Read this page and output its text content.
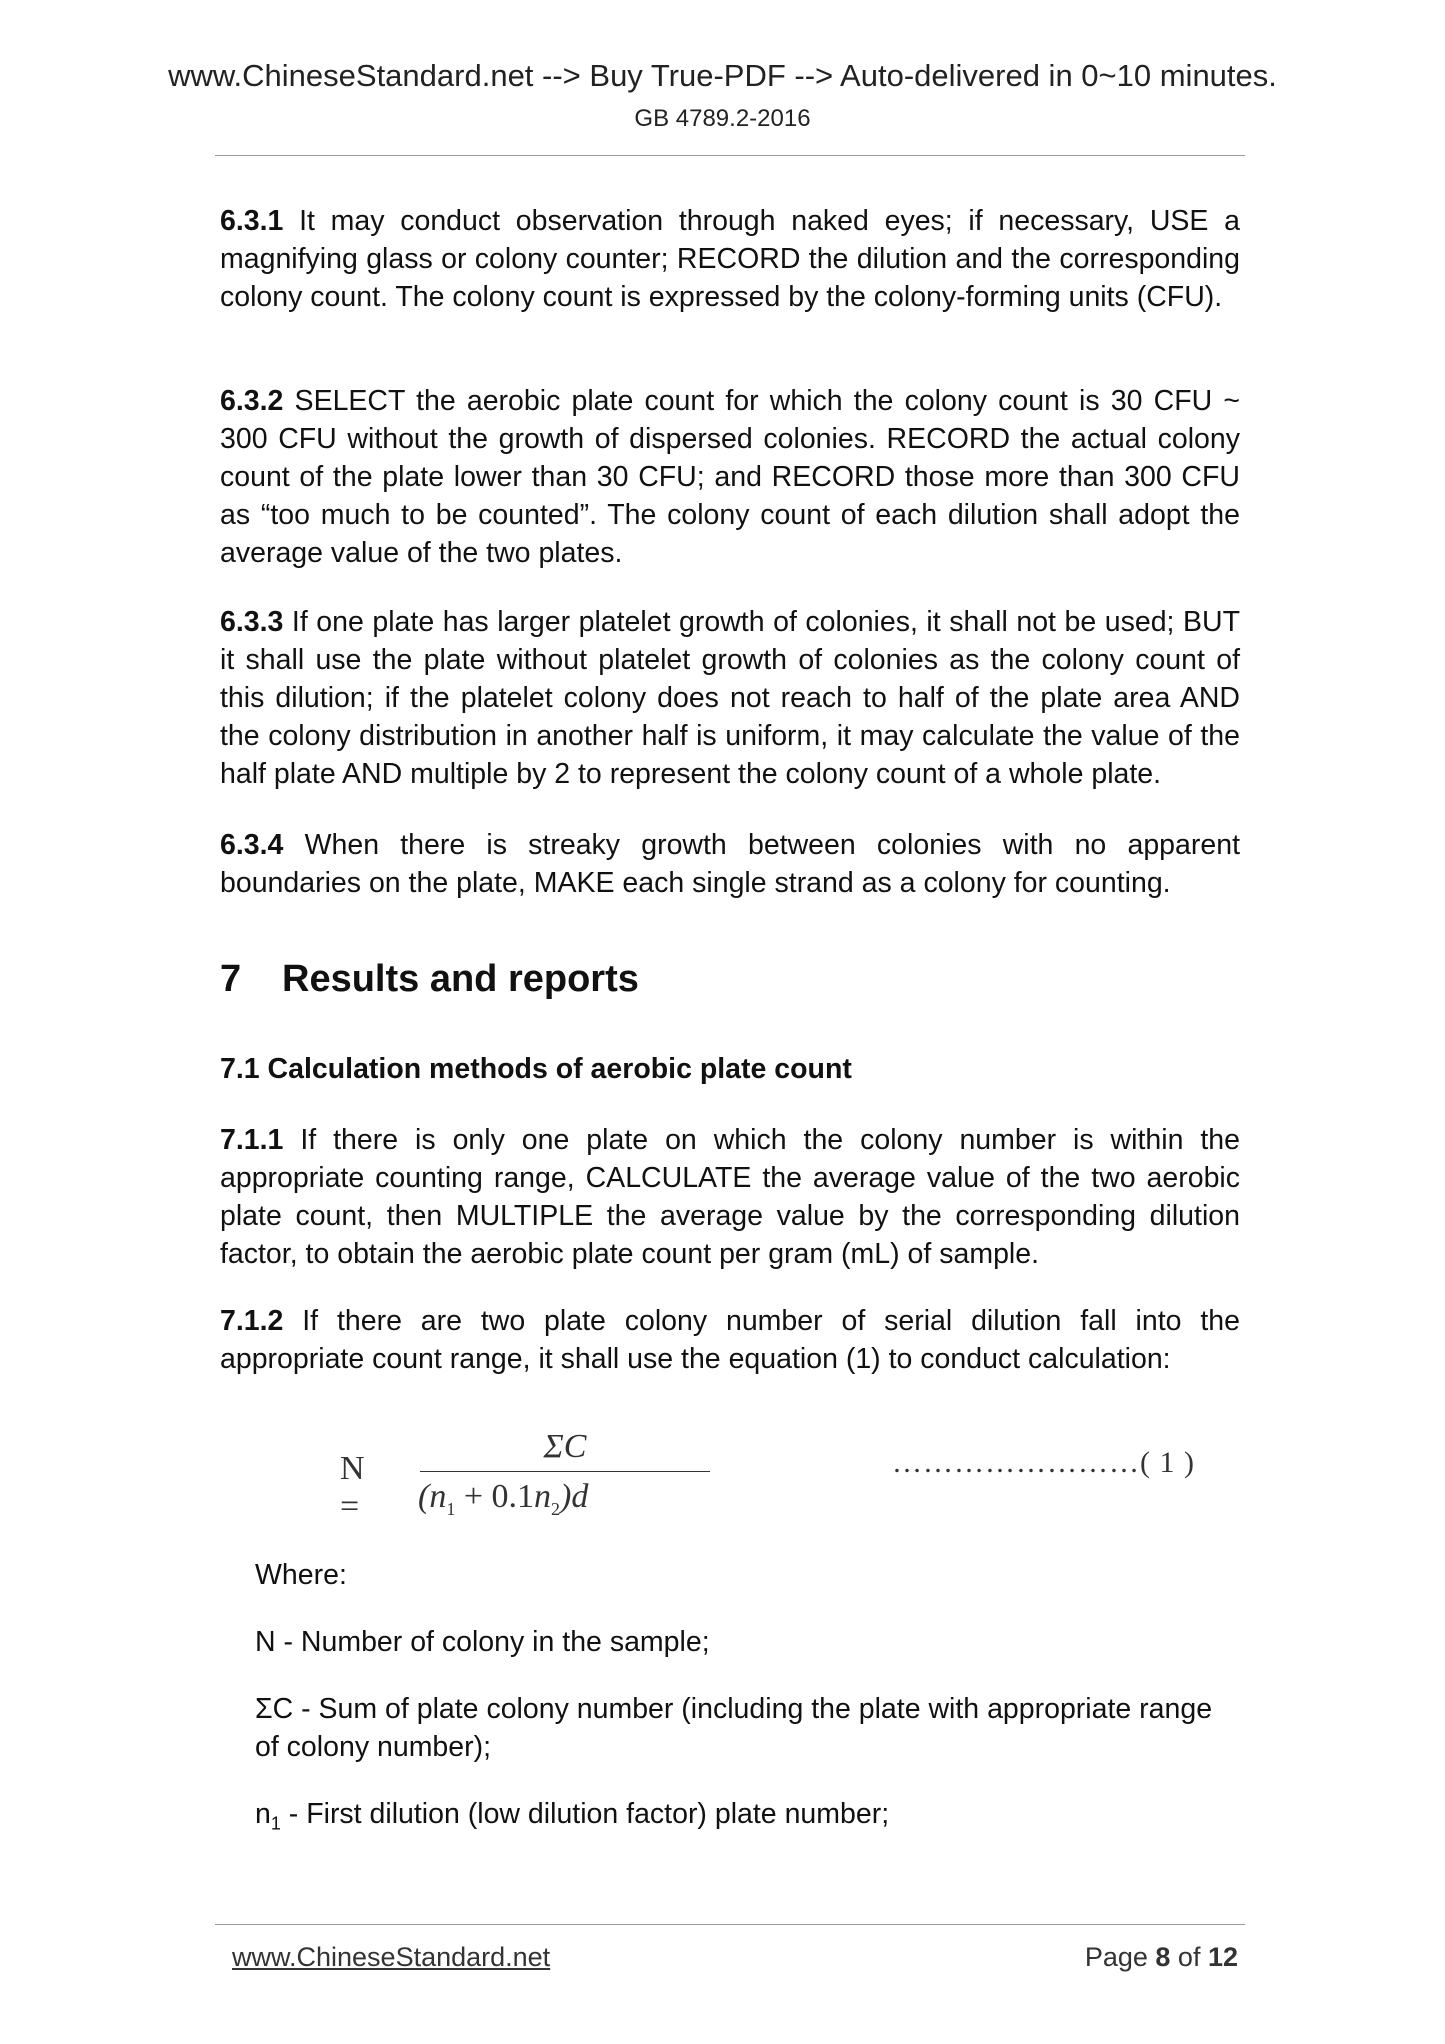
www.ChineseStandard.net --> Buy True-PDF --> Auto-delivered in 0~10 minutes.
GB 4789.2-2016
6.3.1 It may conduct observation through naked eyes; if necessary, USE a magnifying glass or colony counter; RECORD the dilution and the corresponding colony count. The colony count is expressed by the colony-forming units (CFU).
6.3.2 SELECT the aerobic plate count for which the colony count is 30 CFU ~ 300 CFU without the growth of dispersed colonies. RECORD the actual colony count of the plate lower than 30 CFU; and RECORD those more than 300 CFU as “too much to be counted”. The colony count of each dilution shall adopt the average value of the two plates.
6.3.3 If one plate has larger platelet growth of colonies, it shall not be used; BUT it shall use the plate without platelet growth of colonies as the colony count of this dilution; if the platelet colony does not reach to half of the plate area AND the colony distribution in another half is uniform, it may calculate the value of the half plate AND multiple by 2 to represent the colony count of a whole plate.
6.3.4 When there is streaky growth between colonies with no apparent boundaries on the plate, MAKE each single strand as a colony for counting.
7 Results and reports
7.1 Calculation methods of aerobic plate count
7.1.1 If there is only one plate on which the colony number is within the appropriate counting range, CALCULATE the average value of the two aerobic plate count, then MULTIPLE the average value by the corresponding dilution factor, to obtain the aerobic plate count per gram (mL) of sample.
7.1.2 If there are two plate colony number of serial dilution fall into the appropriate count range, it shall use the equation (1) to conduct calculation:
N =
ΣC
$(n_1 + 0.1n_2)d$
……………………( 1 )
Where:
N - Number of colony in the sample;
ΣC - Sum of plate colony number (including the plate with appropriate range of colony number);
$n_1$ - First dilution (low dilution factor) plate number;
www.ChineseStandard.net	Page 8 of 12
